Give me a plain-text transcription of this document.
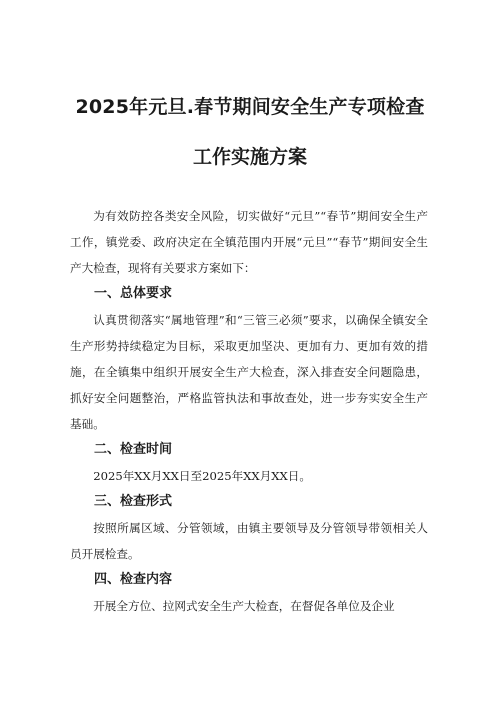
2025年元旦.春节期间安全生产专项检查
工作实施方案

为有效防控各类安全风险，切实做好“元旦”“春节”期间安全生产工作，镇党委、政府决定在全镇范围内开展“元旦”“春节”期间安全生产大检查，现将有关要求方案如下：

一、总体要求

认真贯彻落实“属地管理”和“三管三必须”要求，以确保全镇安全生产形势持续稳定为目标，采取更加坚决、更加有力、更加有效的措施，在全镇集中组织开展安全生产大检查，深入排查安全问题隐患，抓好安全问题整治，严格监管执法和事故查处，进一步夯实安全生产基础。

二、检查时间

2025年XX月XX日至2025年XX月XX日。

三、检查形式

按照所属区域、分管领域，由镇主要领导及分管领导带领相关人员开展检查。

四、检查内容

开展全方位、拉网式安全生产大检查，在督促各单位及企业
